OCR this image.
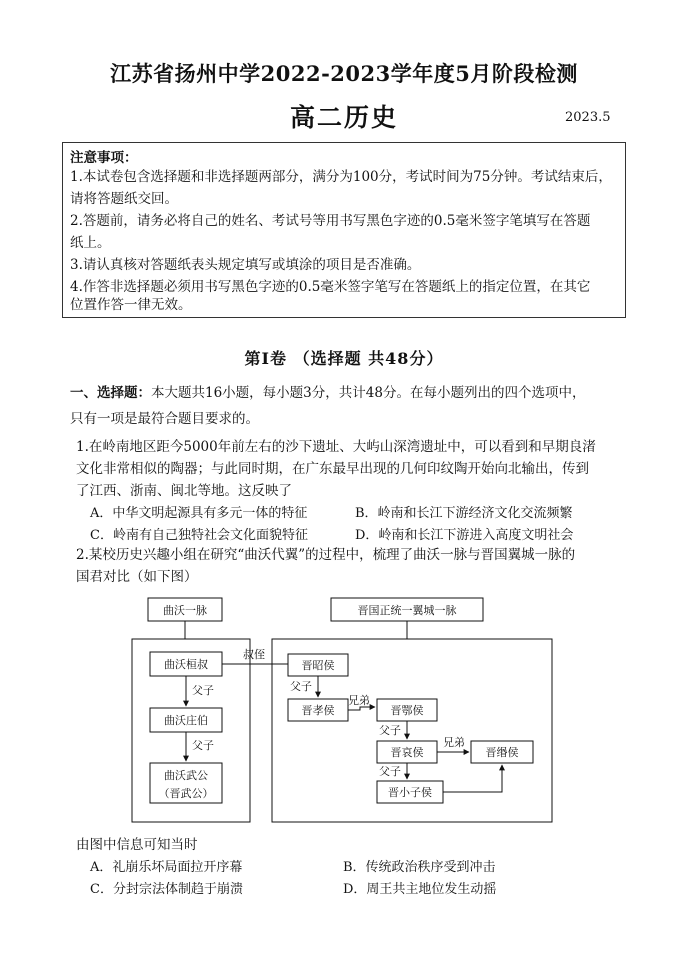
江苏省扬州中学2022-2023学年度5月阶段检测
高二历史	2023.5
注意事项：
1.本试卷包含选择题和非选择题两部分，满分为100分，考试时间为75分钟。考试结束后，
请将答题纸交回。
2.答题前，请务必将自己的姓名、考试号等用书写黑色字迹的0.5毫米签字笔填写在答题
纸上。
3.请认真核对答题纸表头规定填写或填涂的项目是否准确。
4.作答非选择题必须用书写黑色字迹的0.5毫米签字笔写在答题纸上的指定位置，在其它
位置作答一律无效。
第Ⅰ卷 （选择题 共48分）
一、选择题：本大题共16小题，每小题3分，共计48分。在每小题列出的四个选项中，
只有一项是最符合题目要求的。
1.在岭南地区距今5000年前左右的沙下遗址、大屿山深湾遗址中，可以看到和早期良渚
文化非常相似的陶器；与此同时期，在广东最早出现的几何印纹陶开始向北输出，传到
了江西、浙南、闽北等地。这反映了
A．中华文明起源具有多元一体的特征	B．岭南和长江下游经济文化交流频繁
C．岭南有自己独特社会文化面貌特征	D．岭南和长江下游进入高度文明社会
2.某校历史兴趣小组在研究“曲沃代翼”的过程中，梳理了曲沃一脉与晋国翼城一脉的
国君对比（如下图）
曲沃一脉	晋国正统一翼城一脉
曲沃桓叔
曲沃庄伯
曲沃武公
（晋武公）
父子
父子
叔侄
晋昭侯
晋孝侯	晋鄂侯
晋哀侯
晋小子侯
晋缗侯
父子
兄弟
父子
兄弟
父子
由图中信息可知当时
A．礼崩乐坏局面拉开序幕	B．传统政治秩序受到冲击
C．分封宗法体制趋于崩溃	D．周王共主地位发生动摇
